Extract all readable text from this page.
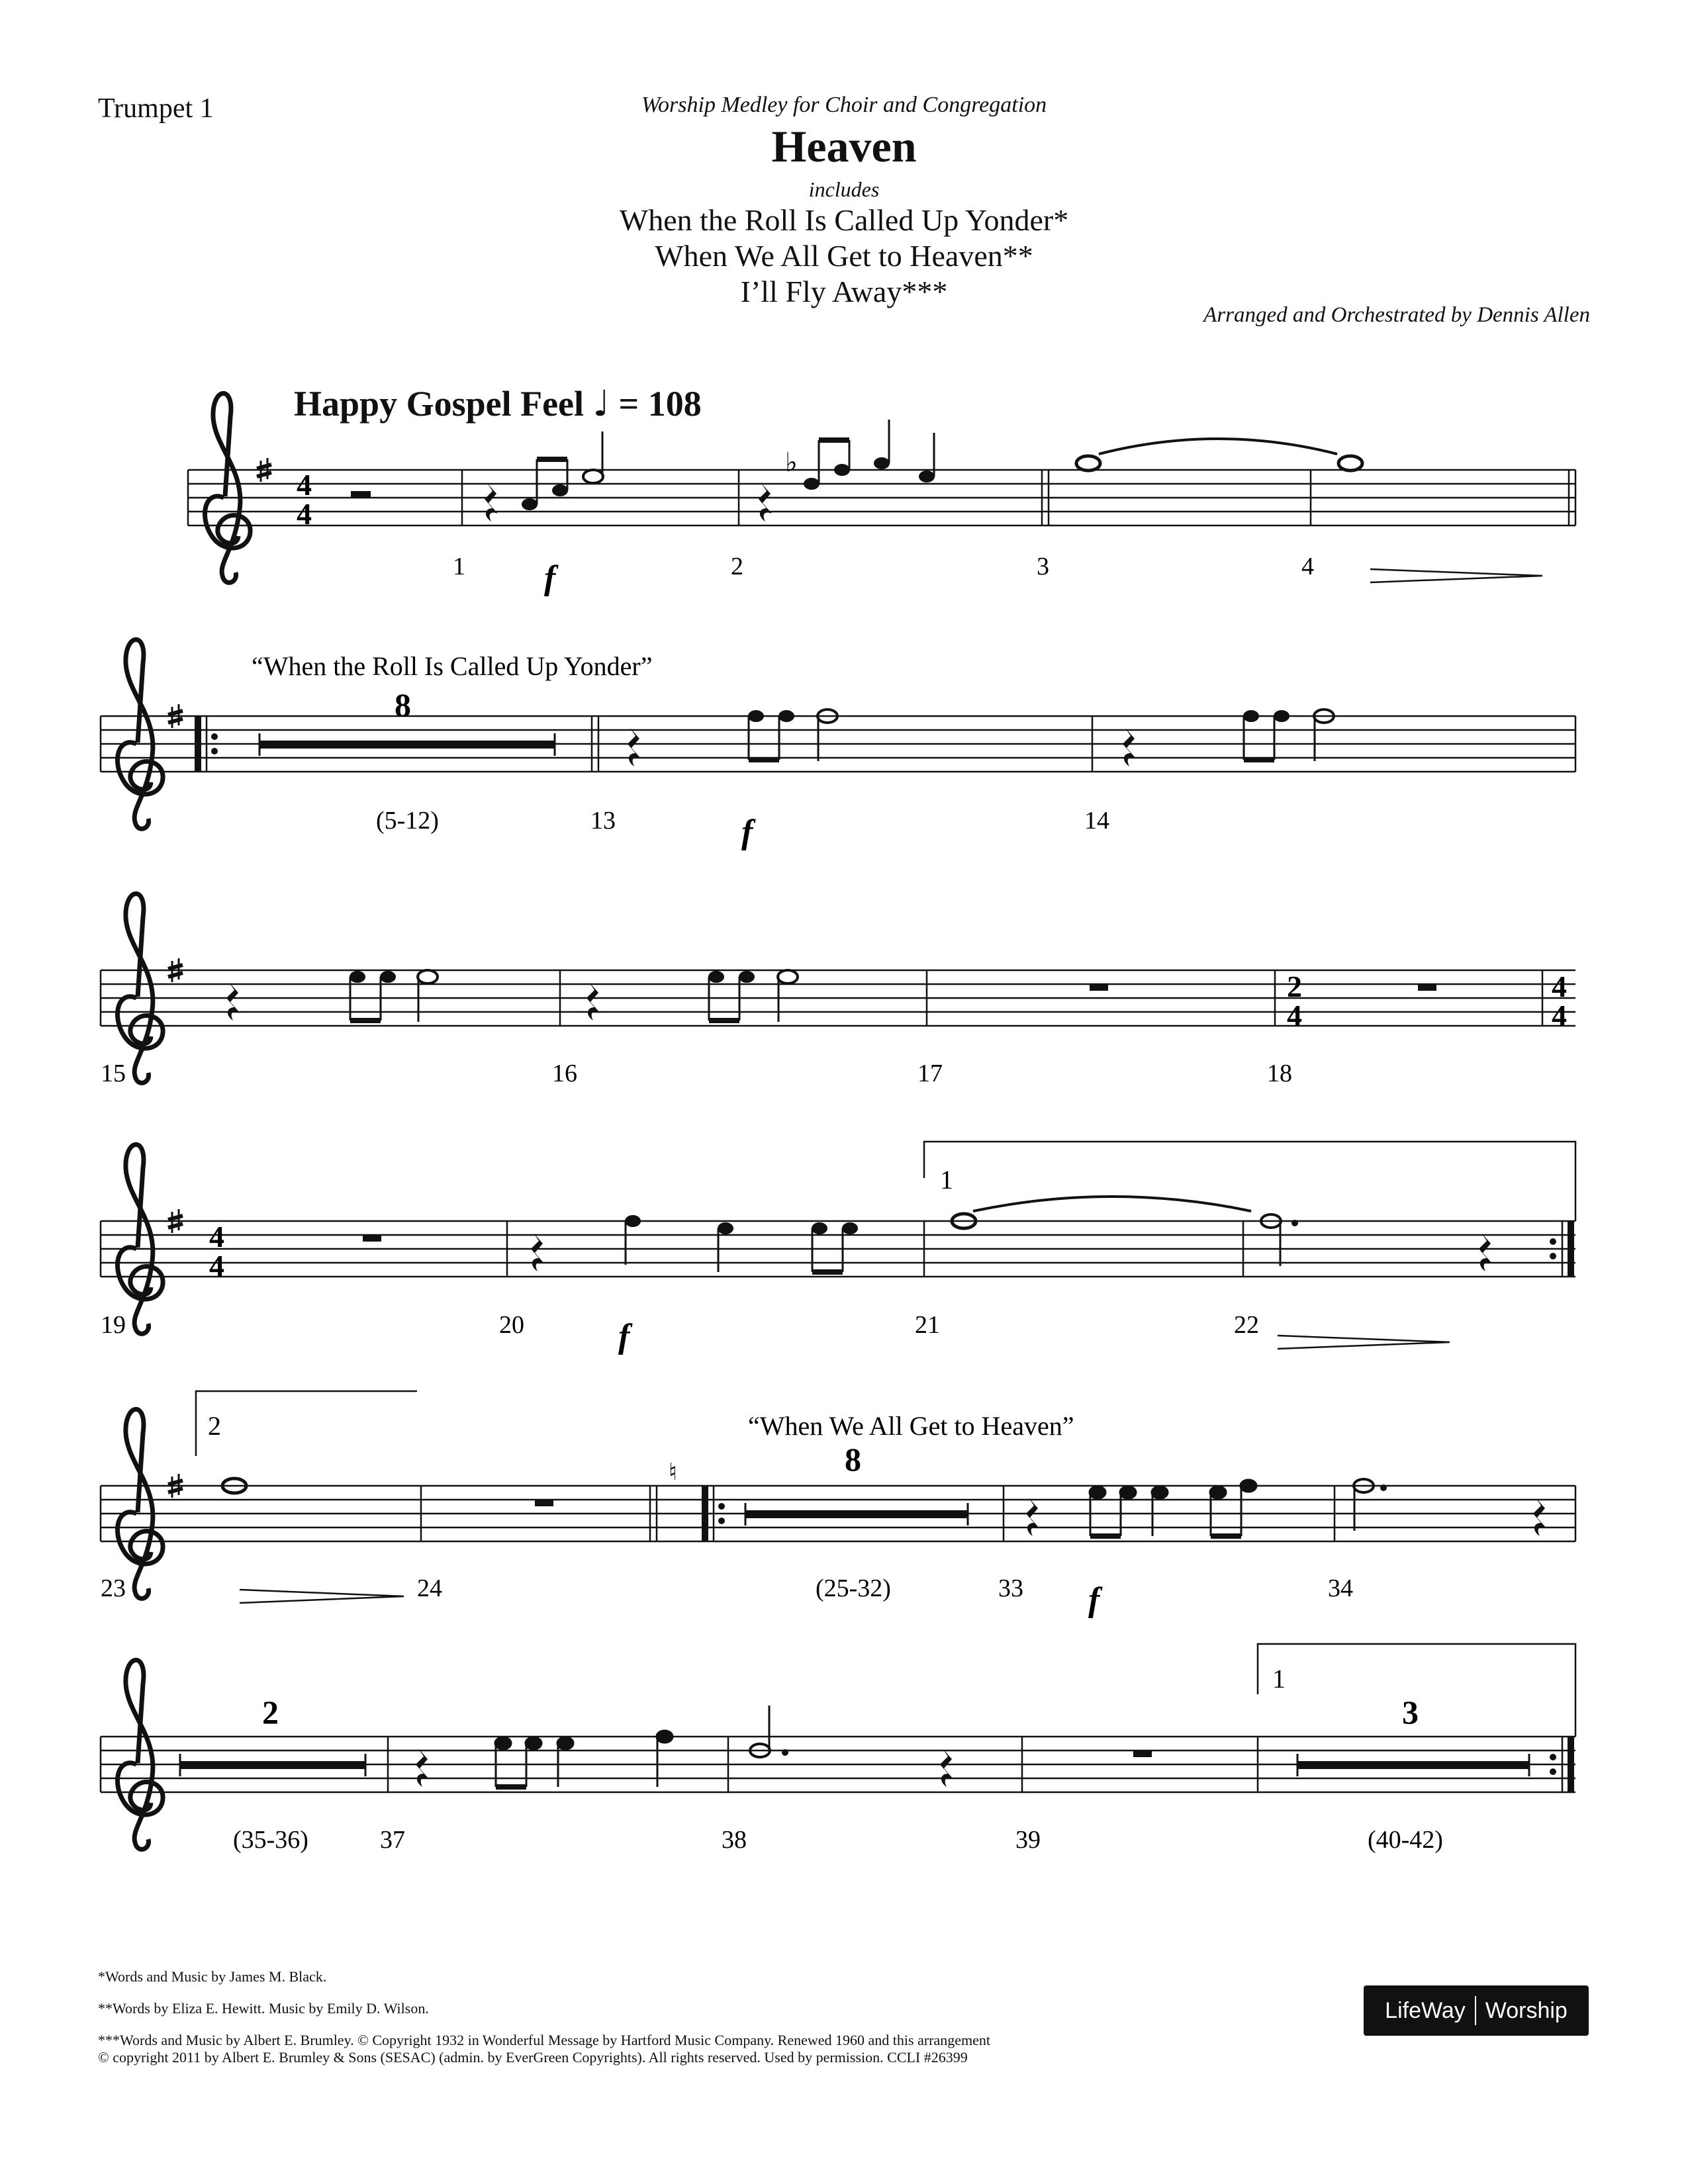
Trumpet 1	Worship Medley for Choir and Congregation
Heaven
includes
When the Roll Is Called Up Yonder*
When We All Get to Heaven**
I’ll Fly Away***
Arranged and Orchestrated by Dennis Allen
Happy Gospel Feel ♩ = 108
4
4
♭
1	2	3	4
f
“When the Roll Is Called Up Yonder”
8
(5-12)	13	14
f
2
4
4
4
15	16	17	18
1
4
4
19	20	21	22
f
“When We All Get to Heaven”
2
♮	8
23	24	(25-32)	33	34
f
1
2	3
(35-36)	37	38	39	(40-42)
*Words and Music by James M. Black.
**Words by Eliza E. Hewitt. Music by Emily D. Wilson.
***Words and Music by Albert E. Brumley. © Copyright 1932 in Wonderful Message by Hartford Music Company. Renewed 1960 and this arrangement
© copyright 2011 by Albert E. Brumley & Sons (SESAC) (admin. by EverGreen Copyrights). All rights reserved. Used by permission. CCLI #26399
LifeWay Worship
